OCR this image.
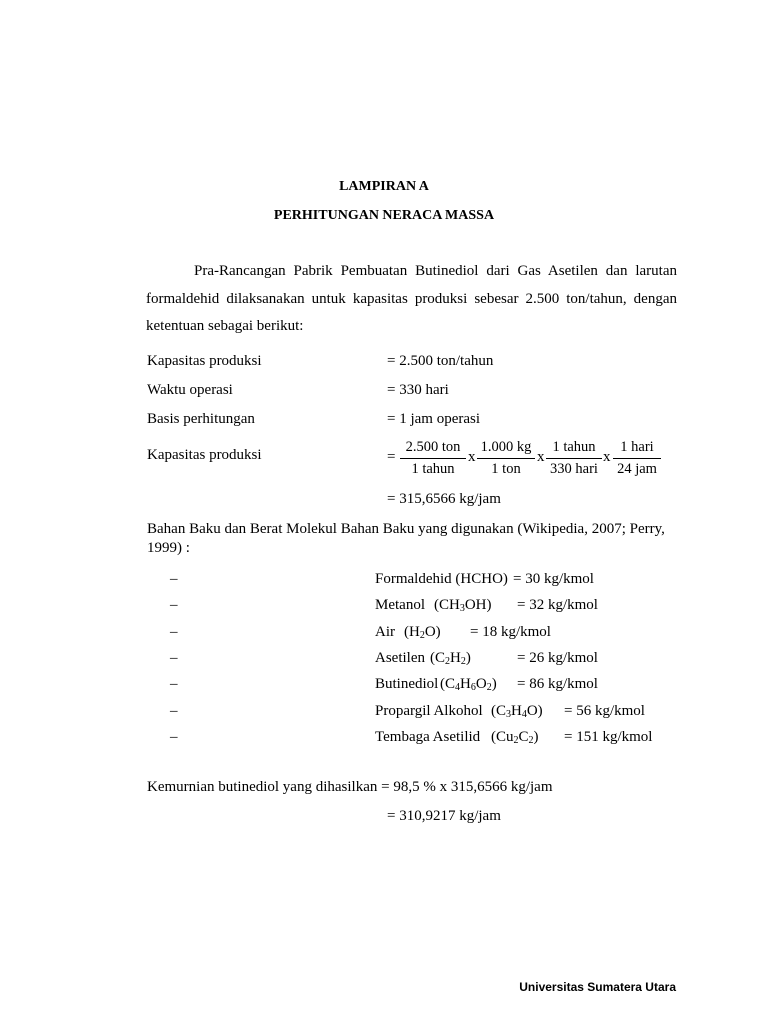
LAMPIRAN A
PERHITUNGAN NERACA MASSA
Pra-Rancangan Pabrik Pembuatan Butinediol dari Gas Asetilen dan larutan formaldehid dilaksanakan untuk kapasitas produksi sebesar 2.500 ton/tahun, dengan ketentuan sebagai berikut:
Kapasitas produksi	= 2.500 ton/tahun
Waktu operasi	= 330 hari
Basis perhitungan	= 1 jam operasi
Kapasitas produksi	=
2.500 ton
1 tahun
x
1.000 kg
1 ton
x
1 tahun
330 hari
x
1 hari
24 jam
= 315,6566 kg/jam
Bahan Baku dan Berat Molekul Bahan Baku yang digunakan (Wikipedia, 2007; Perry, 1999) :
–	Formaldehid (HCHO) = 30 kg/kmol
–	Metanol $(CH_3OH) = 32$ kg/kmol
–	Air $(H_2O) = 18$ kg/kmol
–	Asetilen $(C_2H_2)$	= 26 kg/kmol
–	Butinediol $(C_4H_6O_2) = 86$ kg/kmol
–	Propargil Alkohol $(C_3H_4O) = 56$ kg/kmol
–	Tembaga Asetilid $(Cu_2C_2) = 151$ kg/kmol
Kemurnian butinediol yang dihasilkan = 98,5 % x 315,6566 kg/jam
= 310,9217 kg/jam
Universitas Sumatera Utara
